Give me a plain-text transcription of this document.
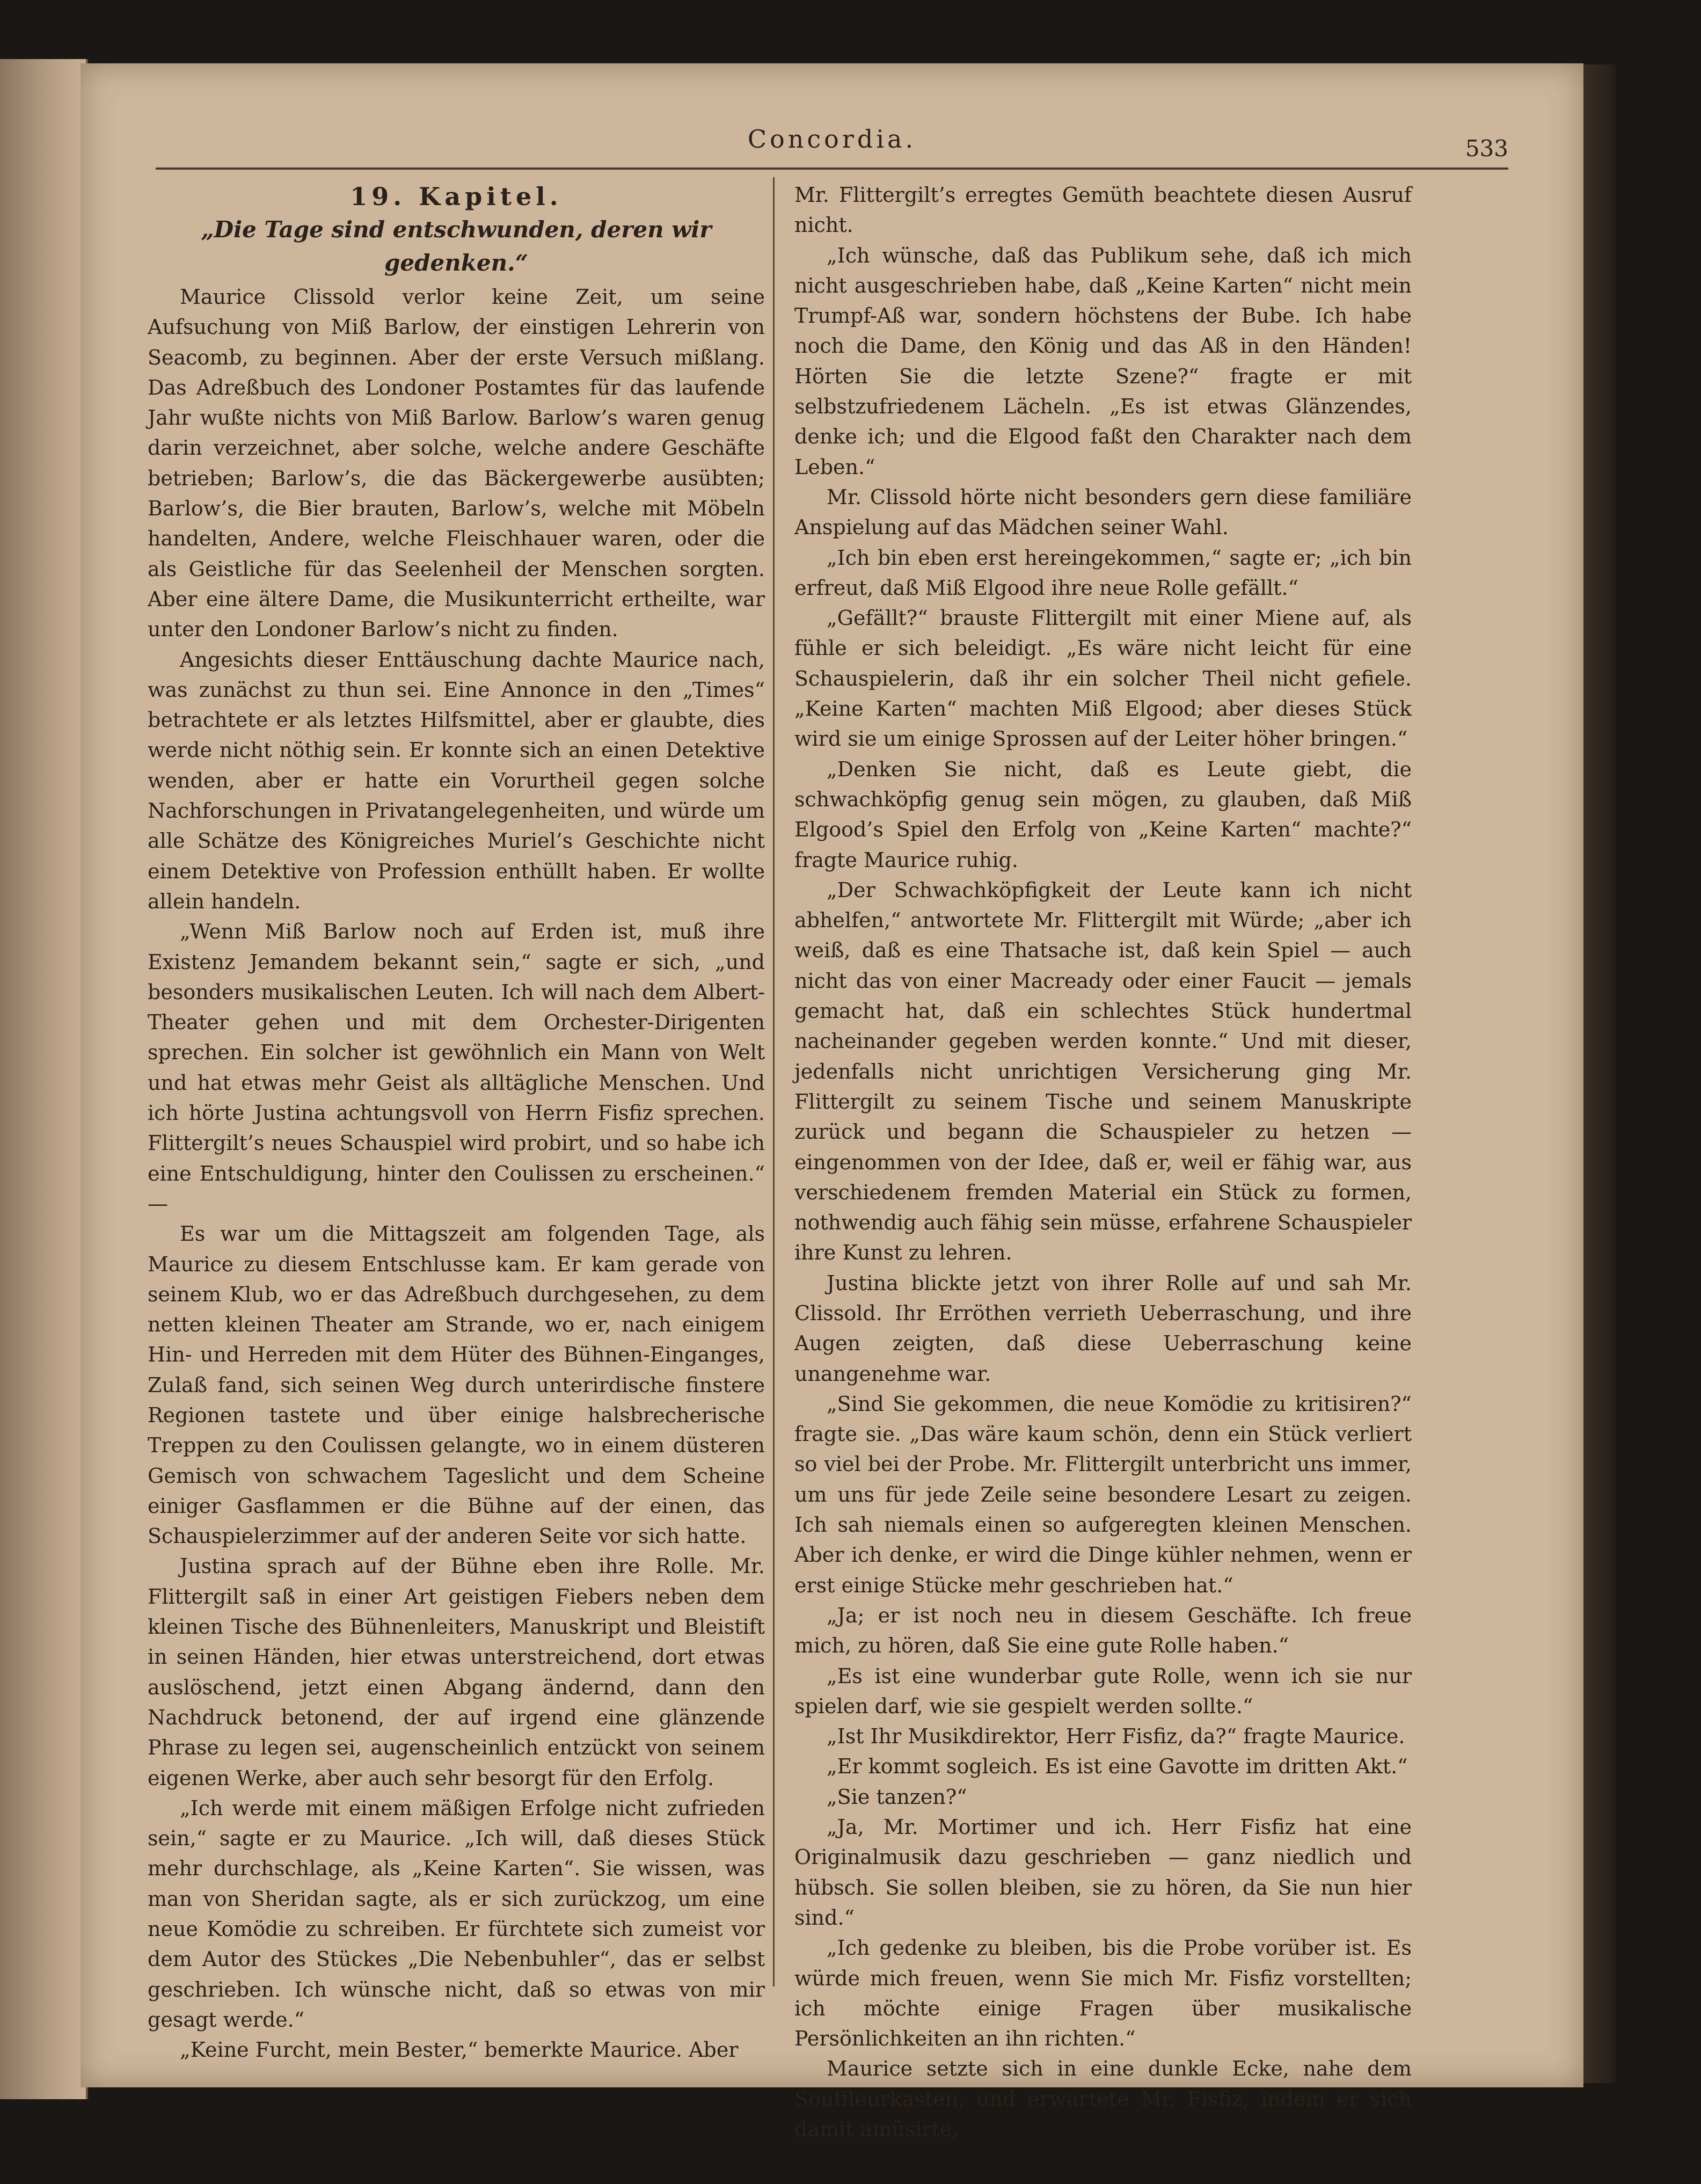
Concordia.	533
19. Kapitel.
„Die Tage sind entschwunden, deren wir gedenken.“

Maurice Clissold verlor keine Zeit, um seine Aufsuchung von Miß Barlow, der einstigen Lehrerin von Seacomb, zu beginnen. Aber der erste Versuch mißlang. Das Adreßbuch des Londoner Postamtes für das laufende Jahr wußte nichts von Miß Barlow. Barlow’s waren genug darin verzeichnet, aber solche, welche andere Geschäfte betrieben; Barlow’s, die das Bäckergewerbe ausübten; Barlow’s, die Bier brauten, Barlow’s, welche mit Möbeln handelten, Andere, welche Fleischhauer waren, oder die als Geistliche für das Seelenheil der Menschen sorgten. Aber eine ältere Dame, die Musikunterricht ertheilte, war unter den Londoner Barlow’s nicht zu finden.

Angesichts dieser Enttäuschung dachte Maurice nach, was zunächst zu thun sei. Eine Annonce in den „Times“ betrachtete er als letztes Hilfsmittel, aber er glaubte, dies werde nicht nöthig sein. Er konnte sich an einen Detektive wenden, aber er hatte ein Vorurtheil gegen solche Nachforschungen in Privatangelegenheiten, und würde um alle Schätze des Königreiches Muriel’s Geschichte nicht einem Detektive von Profession enthüllt haben. Er wollte allein handeln.

„Wenn Miß Barlow noch auf Erden ist, muß ihre Existenz Jemandem bekannt sein,“ sagte er sich, „und besonders musikalischen Leuten. Ich will nach dem Albert-Theater gehen und mit dem Orchester-Dirigenten sprechen. Ein solcher ist gewöhnlich ein Mann von Welt und hat etwas mehr Geist als alltägliche Menschen. Und ich hörte Justina achtungsvoll von Herrn Fisfiz sprechen. Flittergilt’s neues Schauspiel wird probirt, und so habe ich eine Entschuldigung, hinter den Coulissen zu erscheinen.“ —

Es war um die Mittagszeit am folgenden Tage, als Maurice zu diesem Entschlusse kam. Er kam gerade von seinem Klub, wo er das Adreßbuch durchgesehen, zu dem netten kleinen Theater am Strande, wo er, nach einigem Hin- und Herreden mit dem Hüter des Bühnen-Einganges, Zulaß fand, sich seinen Weg durch unterirdische finstere Regionen tastete und über einige halsbrecherische Treppen zu den Coulissen gelangte, wo in einem düsteren Gemisch von schwachem Tageslicht und dem Scheine einiger Gasflammen er die Bühne auf der einen, das Schauspielerzimmer auf der anderen Seite vor sich hatte.

Justina sprach auf der Bühne eben ihre Rolle. Mr. Flittergilt saß in einer Art geistigen Fiebers neben dem kleinen Tische des Bühnenleiters, Manuskript und Bleistift in seinen Händen, hier etwas unterstreichend, dort etwas auslöschend, jetzt einen Abgang ändernd, dann den Nachdruck betonend, der auf irgend eine glänzende Phrase zu legen sei, augenscheinlich entzückt von seinem eigenen Werke, aber auch sehr besorgt für den Erfolg.

„Ich werde mit einem mäßigen Erfolge nicht zufrieden sein,“ sagte er zu Maurice. „Ich will, daß dieses Stück mehr durchschlage, als „Keine Karten“. Sie wissen, was man von Sheridan sagte, als er sich zurückzog, um eine neue Komödie zu schreiben. Er fürchtete sich zumeist vor dem Autor des Stückes „Die Nebenbuhler“, das er selbst geschrieben. Ich wünsche nicht, daß so etwas von mir gesagt werde.“

„Keine Furcht, mein Bester,“ bemerkte Maurice. Aber

Mr. Flittergilt’s erregtes Gemüth beachtete diesen Ausruf nicht.

„Ich wünsche, daß das Publikum sehe, daß ich mich nicht ausgeschrieben habe, daß „Keine Karten“ nicht mein Trumpf-Aß war, sondern höchstens der Bube. Ich habe noch die Dame, den König und das Aß in den Händen! Hörten Sie die letzte Szene?“ fragte er mit selbstzufriedenem Lächeln. „Es ist etwas Glänzendes, denke ich; und die Elgood faßt den Charakter nach dem Leben.“

Mr. Clissold hörte nicht besonders gern diese familiäre Anspielung auf das Mädchen seiner Wahl.

„Ich bin eben erst hereingekommen,“ sagte er; „ich bin erfreut, daß Miß Elgood ihre neue Rolle gefällt.“

„Gefällt?“ brauste Flittergilt mit einer Miene auf, als fühle er sich beleidigt. „Es wäre nicht leicht für eine Schauspielerin, daß ihr ein solcher Theil nicht gefiele. „Keine Karten“ machten Miß Elgood; aber dieses Stück wird sie um einige Sprossen auf der Leiter höher bringen.“

„Denken Sie nicht, daß es Leute giebt, die schwachköpfig genug sein mögen, zu glauben, daß Miß Elgood’s Spiel den Erfolg von „Keine Karten“ machte?“ fragte Maurice ruhig.

„Der Schwachköpfigkeit der Leute kann ich nicht abhelfen,“ antwortete Mr. Flittergilt mit Würde; „aber ich weiß, daß es eine Thatsache ist, daß kein Spiel — auch nicht das von einer Macready oder einer Faucit — jemals gemacht hat, daß ein schlechtes Stück hundertmal nacheinander gegeben werden konnte.“ Und mit dieser, jedenfalls nicht unrichtigen Versicherung ging Mr. Flittergilt zu seinem Tische und seinem Manuskripte zurück und begann die Schauspieler zu hetzen — eingenommen von der Idee, daß er, weil er fähig war, aus verschiedenem fremden Material ein Stück zu formen, nothwendig auch fähig sein müsse, erfahrene Schauspieler ihre Kunst zu lehren.

Justina blickte jetzt von ihrer Rolle auf und sah Mr. Clissold. Ihr Erröthen verrieth Ueberraschung, und ihre Augen zeigten, daß diese Ueberraschung keine unangenehme war.

„Sind Sie gekommen, die neue Komödie zu kritisiren?“ fragte sie. „Das wäre kaum schön, denn ein Stück verliert so viel bei der Probe. Mr. Flittergilt unterbricht uns immer, um uns für jede Zeile seine besondere Lesart zu zeigen. Ich sah niemals einen so aufgeregten kleinen Menschen. Aber ich denke, er wird die Dinge kühler nehmen, wenn er erst einige Stücke mehr geschrieben hat.“

„Ja; er ist noch neu in diesem Geschäfte. Ich freue mich, zu hören, daß Sie eine gute Rolle haben.“

„Es ist eine wunderbar gute Rolle, wenn ich sie nur spielen darf, wie sie gespielt werden sollte.“

„Ist Ihr Musikdirektor, Herr Fisfiz, da?“ fragte Maurice.

„Er kommt sogleich. Es ist eine Gavotte im dritten Akt.“

„Sie tanzen?“

„Ja, Mr. Mortimer und ich. Herr Fisfiz hat eine Originalmusik dazu geschrieben — ganz niedlich und hübsch. Sie sollen bleiben, sie zu hören, da Sie nun hier sind.“

„Ich gedenke zu bleiben, bis die Probe vorüber ist. Es würde mich freuen, wenn Sie mich Mr. Fisfiz vorstellten; ich möchte einige Fragen über musikalische Persönlichkeiten an ihn richten.“

Maurice setzte sich in eine dunkle Ecke, nahe dem Souffleurkasten, und erwartete Mr. Fisfiz, indem er sich damit amüsirte,
